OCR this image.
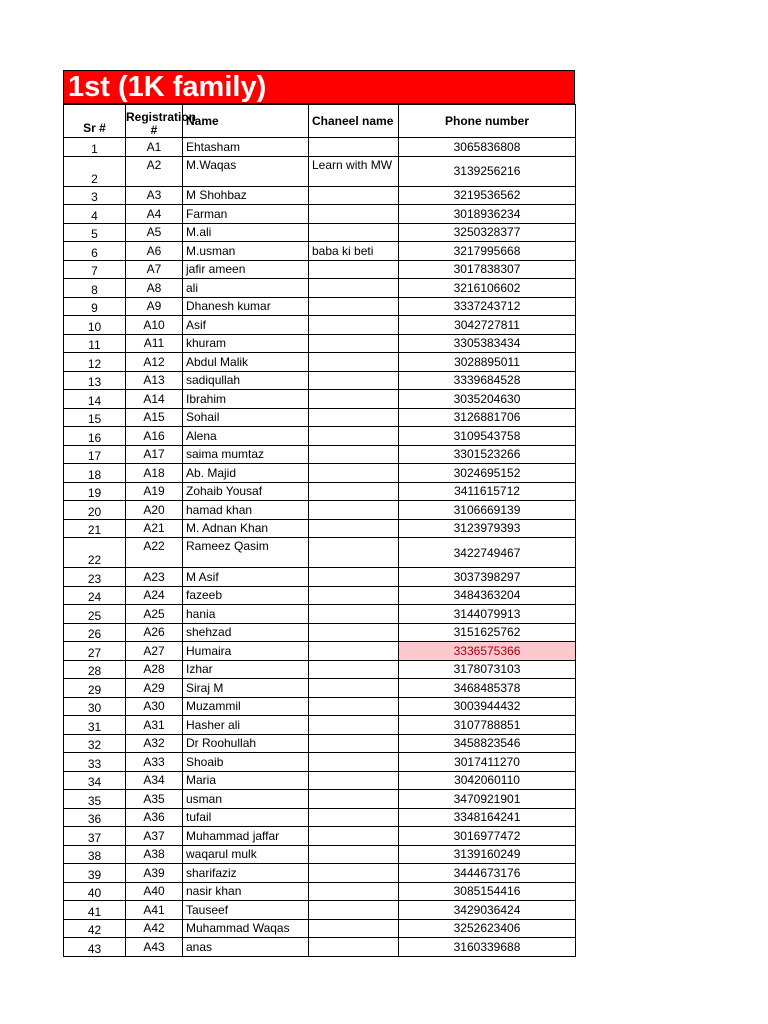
1st (1K family)
Sr #	Registration #	Name	Chaneel name	Phone number
1	A1	Ehtasham		3065836808
2	A2	M.Waqas	Learn with MW	3139256216
3	A3	M Shohbaz		3219536562
4	A4	Farman		3018936234
5	A5	M.ali		3250328377
6	A6	M.usman	baba ki beti	3217995668
7	A7	jafir ameen		3017838307
8	A8	ali		3216106602
9	A9	Dhanesh kumar		3337243712
10	A10	Asif		3042727811
11	A11	khuram		3305383434
12	A12	Abdul Malik		3028895011
13	A13	sadiqullah		3339684528
14	A14	Ibrahim		3035204630
15	A15	Sohail		3126881706
16	A16	Alena		3109543758
17	A17	saima mumtaz		3301523266
18	A18	Ab. Majid		3024695152
19	A19	Zohaib Yousaf		3411615712
20	A20	hamad khan		3106669139
21	A21	M. Adnan Khan		3123979393
22	A22	Rameez Qasim		3422749467
23	A23	M Asif		3037398297
24	A24	fazeeb		3484363204
25	A25	hania		3144079913
26	A26	shehzad		3151625762
27	A27	Humaira		3336575366
28	A28	Izhar		3178073103
29	A29	Siraj M		3468485378
30	A30	Muzammil		3003944432
31	A31	Hasher ali		3107788851
32	A32	Dr Roohullah		3458823546
33	A33	Shoaib		3017411270
34	A34	Maria		3042060110
35	A35	usman		3470921901
36	A36	tufail		3348164241
37	A37	Muhammad jaffar		3016977472
38	A38	waqarul mulk		3139160249
39	A39	sharifaziz		3444673176
40	A40	nasir khan		3085154416
41	A41	Tauseef		3429036424
42	A42	Muhammad Waqas		3252623406
43	A43	anas		3160339688
